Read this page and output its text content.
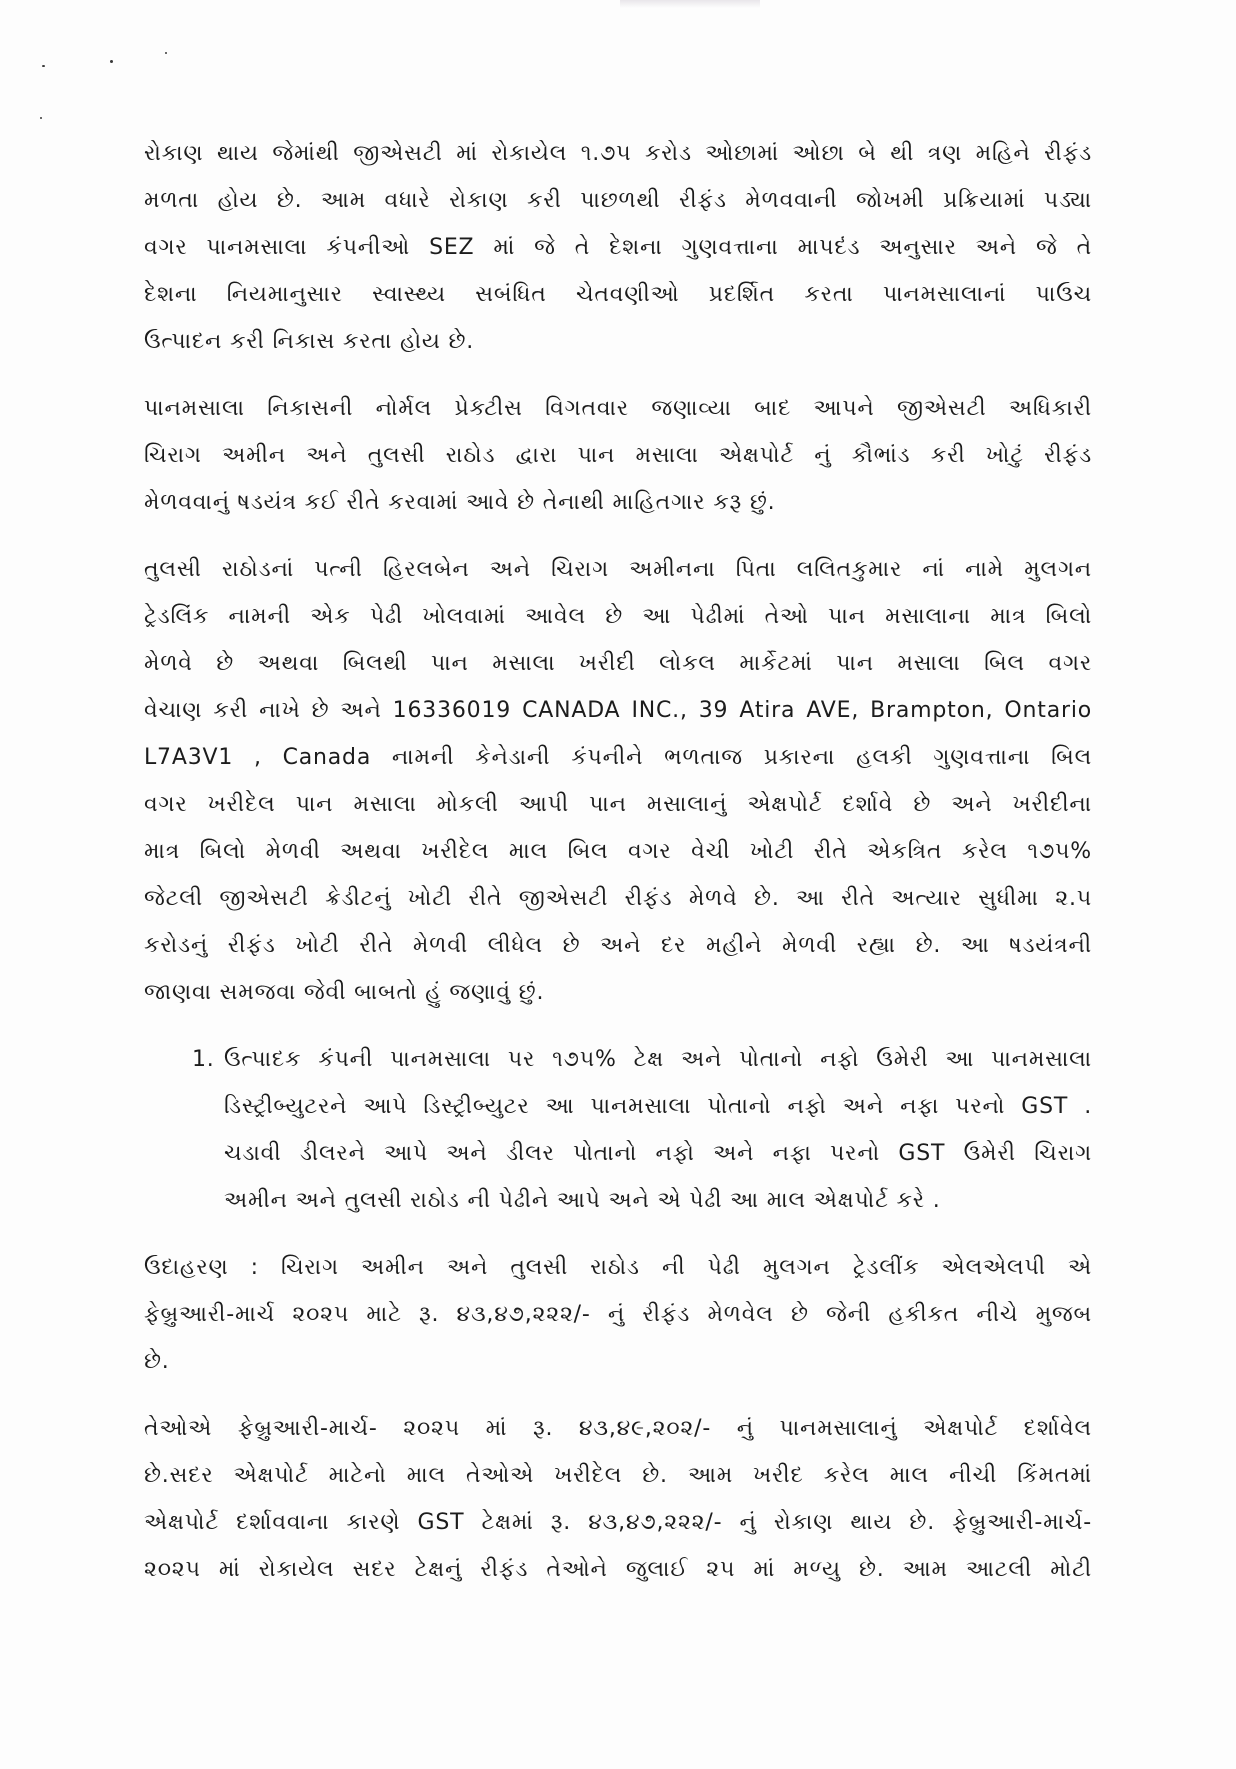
રોકાણ થાય જેમાંથી જીએસટી માં રોકાયેલ ૧.૭૫ કરોડ ઓછામાં ઓછા બે થી ત્રણ મહિને રીફંડ
મળતા હોય છે. આમ વધારે રોકાણ કરી પાછળથી રીફંડ મેળવવાની જોખમી પ્રક્રિયામાં પડ્યા
વગર પાનમસાલા કંપનીઓ SEZ માં જે તે દેશના ગુણવત્તાના માપદંડ અનુસાર અને જે તે
દેશના નિયમાનુસાર સ્વાસ્થ્ય સબંધિત ચેતવણીઓ પ્રદર્શિત કરતા પાનમસાલાનાં પાઉચ
ઉત્પાદન કરી નિકાસ કરતા હોય છે.
પાનમસાલા નિકાસની નોર્મલ પ્રેક્ટીસ વિગતવાર જણાવ્યા બાદ આપને જીએસટી અધિકારી
ચિરાગ અમીન અને તુલસી રાઠોડ દ્વારા પાન મસાલા એક્ષપોર્ટ નું કૌભાંડ કરી ખોટું રીફંડ
મેળવવાનું ષડયંત્ર કઈ રીતે કરવામાં આવે છે તેનાથી માહિતગાર કરૂ છું.
તુલસી રાઠોડનાં પત્ની હિરલબેન અને ચિરાગ અમીનના પિતા લલિતકુમાર નાં નામે મુલગન
ટ્રેડલિંક નામની એક પેઢી ખોલવામાં આવેલ છે આ પેઢીમાં તેઓ પાન મસાલાના માત્ર બિલો
મેળવે છે અથવા બિલથી પાન મસાલા ખરીદી લોકલ માર્કેટમાં પાન મસાલા બિલ વગર
વેચાણ કરી નાખે છે અને 16336019 CANADA INC., 39 Atira AVE, Brampton, Ontario
L7A3V1 , Canada નામની કેનેડાની કંપનીને ભળતાજ પ્રકારના હલકી ગુણવત્તાના બિલ
વગર ખરીદેલ પાન મસાલા મોકલી આપી પાન મસાલાનું એક્ષપોર્ટ દર્શાવે છે અને ખરીદીના
માત્ર બિલો મેળવી અથવા ખરીદેલ માલ બિલ વગર વેચી ખોટી રીતે એકત્રિત કરેલ ૧૭૫%
જેટલી જીએસટી ક્રેડીટનું ખોટી રીતે જીએસટી રીફંડ મેળવે છે. આ રીતે અત્યાર સુધીમા ૨.૫
કરોડનું રીફંડ ખોટી રીતે મેળવી લીધેલ છે અને દર મહીને મેળવી રહ્યા છે. આ ષડયંત્રની
જાણવા સમજવા જેવી બાબતો હું જણાવું છું.
1. ઉત્પાદક કંપની પાનમસાલા પર ૧૭૫% ટેક્ષ અને પોતાનો નફો ઉમેરી આ પાનમસાલા
ડિસ્ટ્રીબ્યુટરને આપે ડિસ્ટ્રીબ્યુટર આ પાનમસાલા પોતાનો નફો અને નફા પરનો GST .
ચડાવી ડીલરને આપે અને ડીલર પોતાનો નફો અને નફા પરનો GST ઉમેરી ચિરાગ
અમીન અને તુલસી રાઠોડ ની પેઢીને આપે અને એ પેઢી આ માલ એક્ષપોર્ટ કરે .
ઉદાહરણ : ચિરાગ અમીન અને તુલસી રાઠોડ ની પેઢી મુલગન ટ્રેડલીંક એલએલપી એ
ફેબ્રુઆરી-માર્ચ ૨૦૨૫ માટે રૂ. ૪૩,૪૭,૨૨૨/- નું રીફંડ મેળવેલ છે જેની હકીકત નીચે મુજબ
છે.
તેઓએ ફેબ્રુઆરી-માર્ચ- ૨૦૨૫ માં રૂ. ૪૩,૪૯,૨૦૨/- નું પાનમસાલાનું એક્ષપોર્ટ દર્શાવેલ
છે.સદર એક્ષપોર્ટ માટેનો માલ તેઓએ ખરીદેલ છે. આમ ખરીદ કરેલ માલ નીચી કિંમતમાં
એક્ષપોર્ટ દર્શાવવાના કારણે GST ટેક્ષમાં રૂ. ૪૩,૪૭,૨૨૨/- નું રોકાણ થાય છે. ફેબ્રુઆરી-માર્ચ-
૨૦૨૫ માં રોકાયેલ સદર ટેક્ષનું રીફંડ તેઓને જુલાઈ ૨૫ માં મળ્યુ છે. આમ આટલી મોટી
